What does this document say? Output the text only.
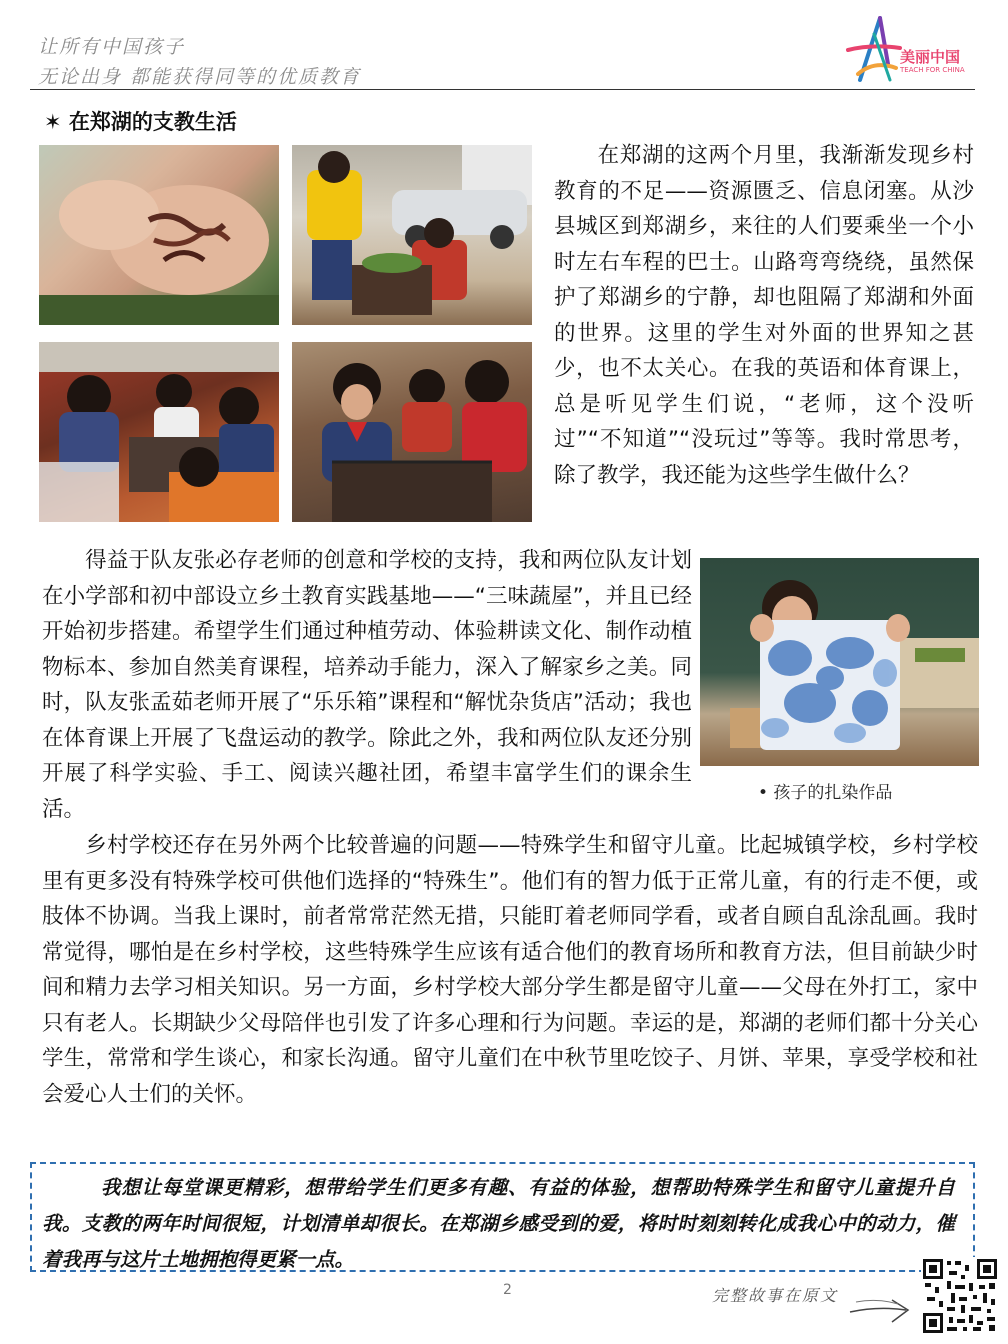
让所有中国孩子
无论出身 都能获得同等的优质教育
美丽中国
TEACH FOR CHINA
✶ 在郑湖的支教生活
在郑湖的这两个月里，我渐渐发现乡村教育的不足——资源匮乏、信息闭塞。从沙县城区到郑湖乡，来往的人们要乘坐一个小时左右车程的巴士。山路弯弯绕绕，虽然保护了郑湖乡的宁静，却也阻隔了郑湖和外面的世界。这里的学生对外面的世界知之甚少，也不太关心。在我的英语和体育课上，总是听见学生们说，“老师，这个没听过”“不知道”“没玩过”等等。我时常思考，除了教学，我还能为这些学生做什么？
得益于队友张必存老师的创意和学校的支持，我和两位队友计划在小学部和初中部设立乡土教育实践基地——“三味蔬屋”，并且已经开始初步搭建。希望学生们通过种植劳动、体验耕读文化、制作动植物标本、参加自然美育课程，培养动手能力，深入了解家乡之美。同时，队友张孟茹老师开展了“乐乐箱”课程和“解忧杂货店”活动；我也在体育课上开展了飞盘运动的教学。除此之外，我和两位队友还分别开展了科学实验、手工、阅读兴趣社团，希望丰富学生们的课余生活。
• 孩子的扎染作品
乡村学校还存在另外两个比较普遍的问题——特殊学生和留守儿童。比起城镇学校，乡村学校里有更多没有特殊学校可供他们选择的“特殊生”。他们有的智力低于正常儿童，有的行走不便，或肢体不协调。当我上课时，前者常常茫然无措，只能盯着老师同学看，或者自顾自乱涂乱画。我时常觉得，哪怕是在乡村学校，这些特殊学生应该有适合他们的教育场所和教育方法，但目前缺少时间和精力去学习相关知识。另一方面，乡村学校大部分学生都是留守儿童——父母在外打工，家中只有老人。长期缺少父母陪伴也引发了许多心理和行为问题。幸运的是，郑湖的老师们都十分关心学生，常常和学生谈心，和家长沟通。留守儿童们在中秋节里吃饺子、月饼、苹果，享受学校和社会爱心人士们的关怀。
我想让每堂课更精彩，想带给学生们更多有趣、有益的体验，想帮助特殊学生和留守儿童提升自我。支教的两年时间很短，计划清单却很长。在郑湖乡感受到的爱，将时时刻刻转化成我心中的动力，催着我再与这片土地拥抱得更紧一点。
2	完整故事在原文
